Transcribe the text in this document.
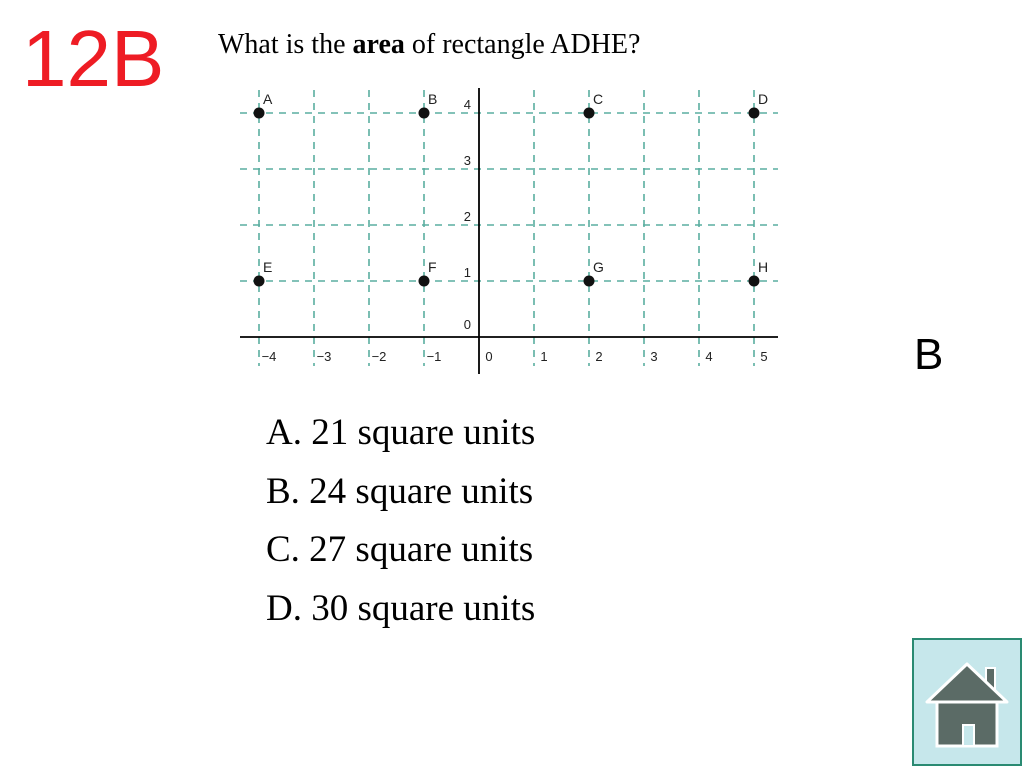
12B What is the area of rectangle ADHE?
−4	−3	−2	−1	0	1	2	3	4	5
0
1
2
3
4
A	B	C	D
E	F	G	H
B
A. 21 square units
B. 24 square units
C. 27 square units
D. 30 square units
